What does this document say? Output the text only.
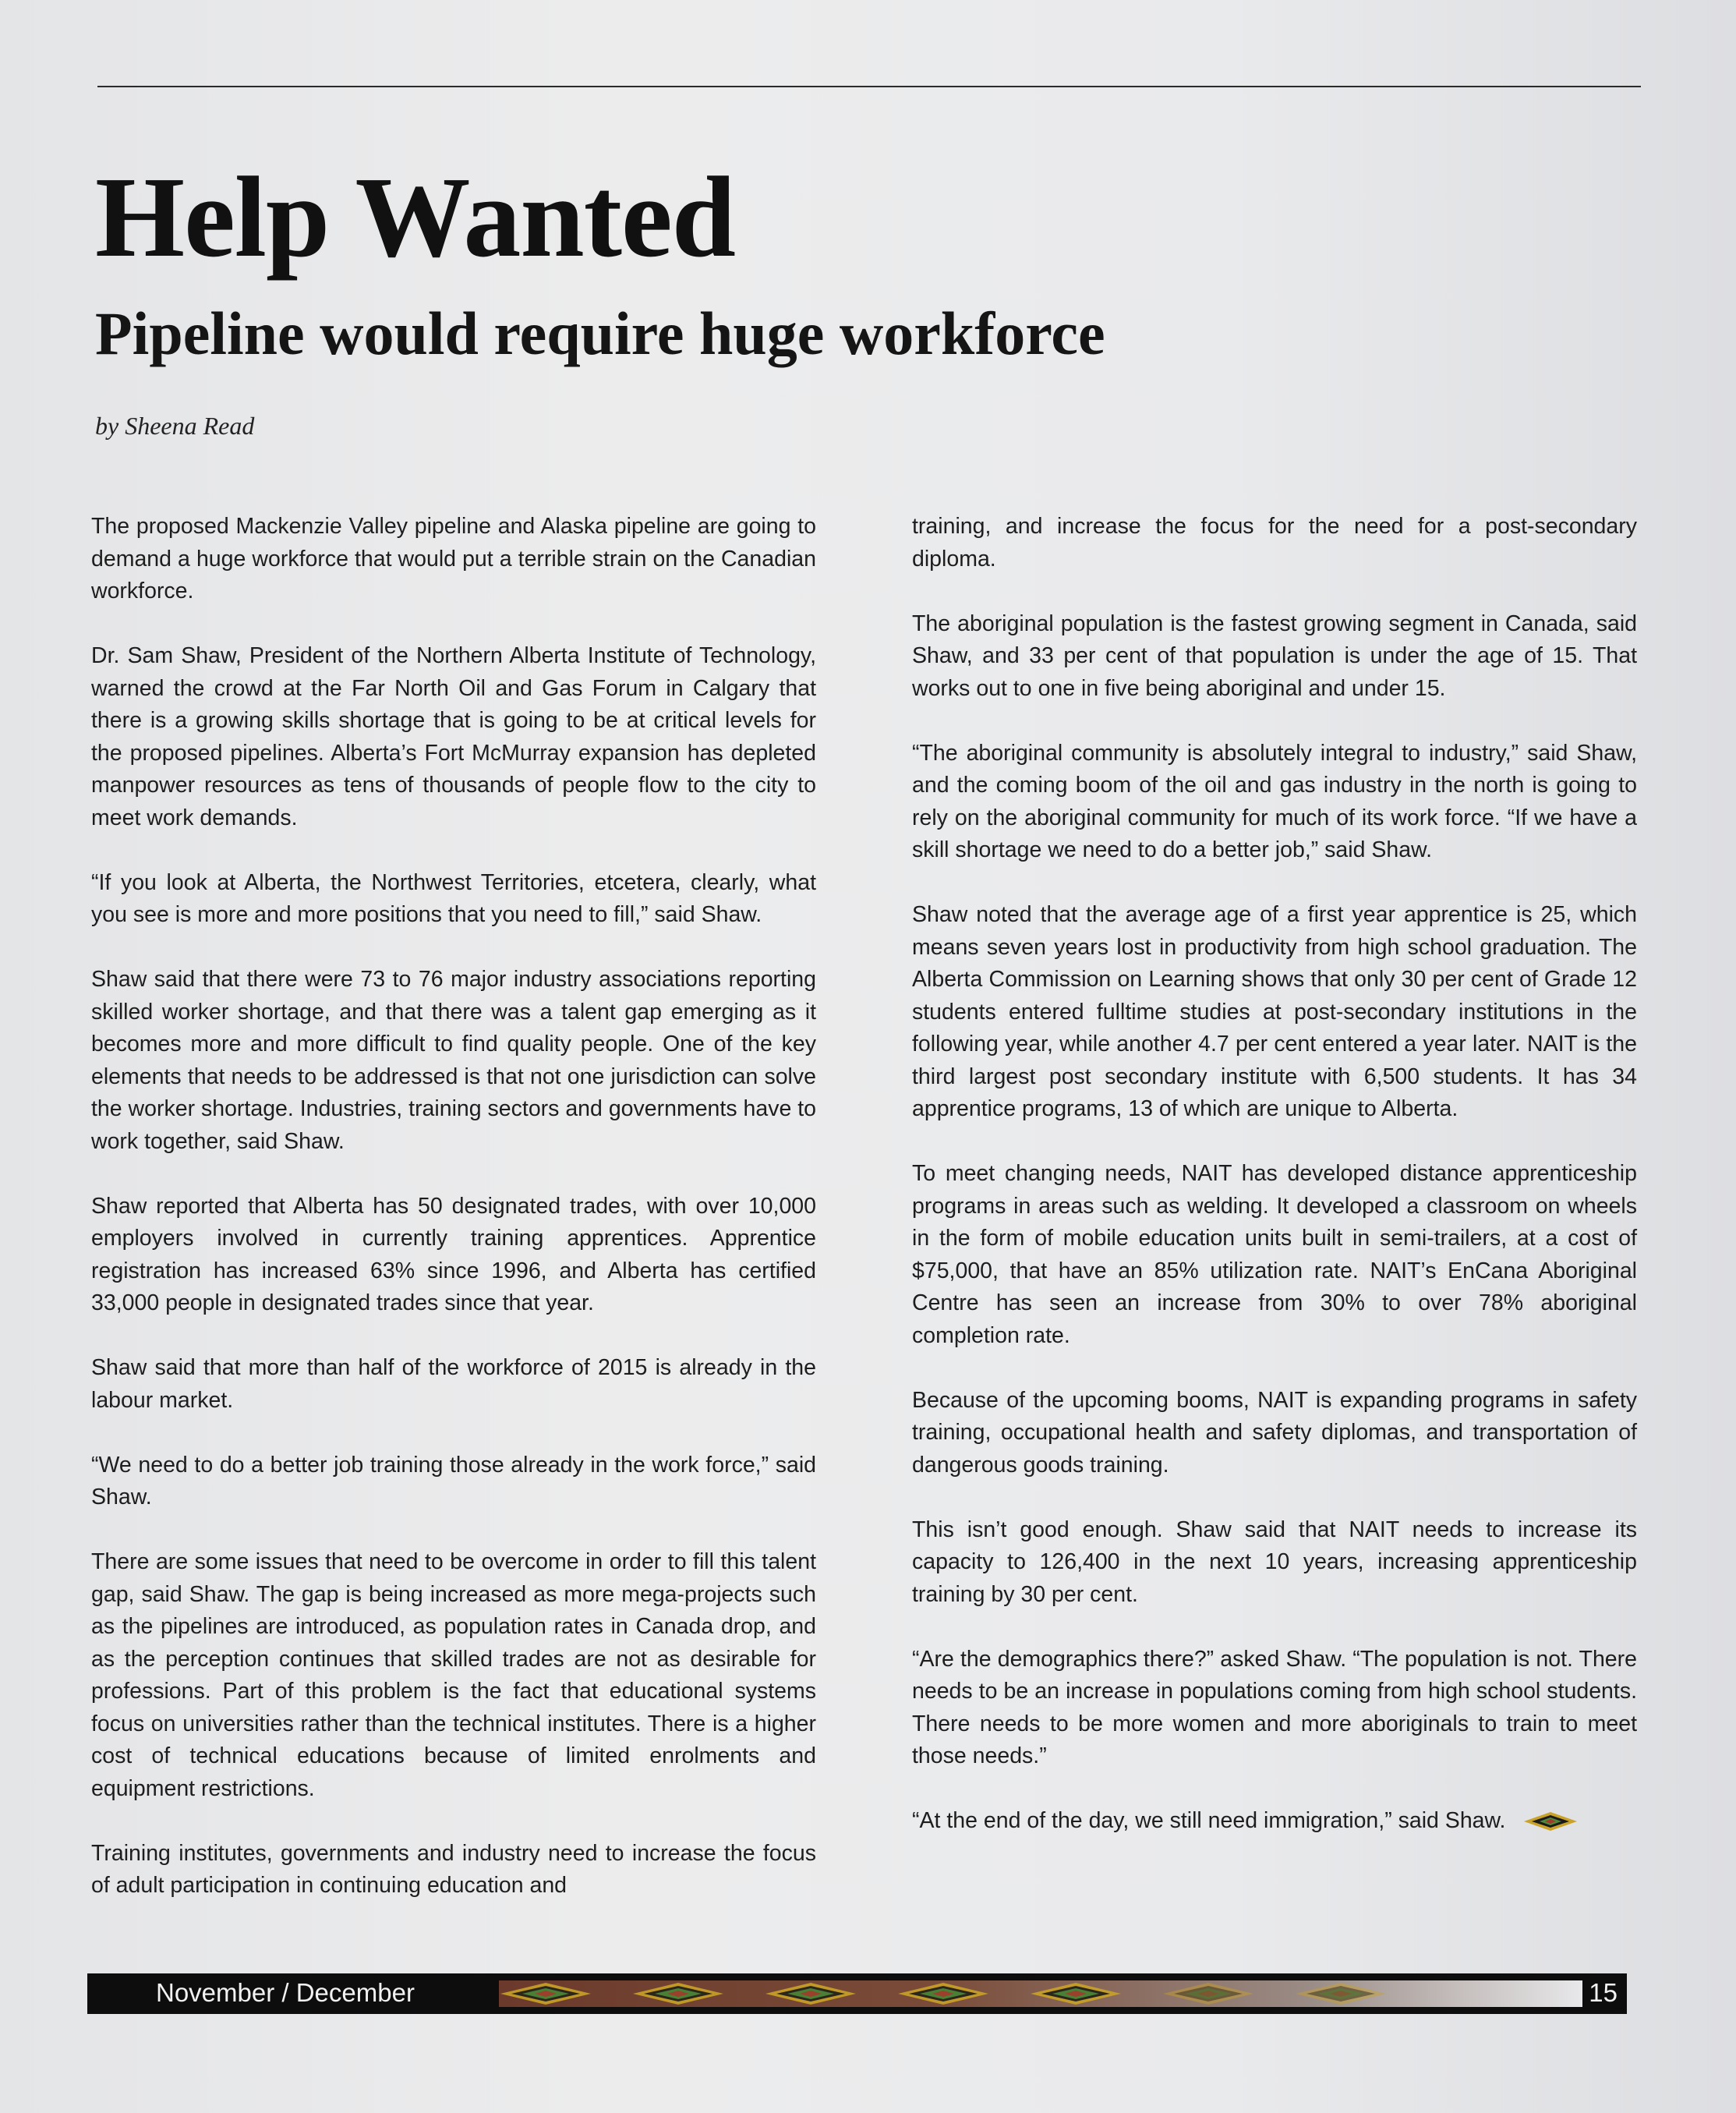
Help Wanted
Pipeline would require huge workforce

by Sheena Read

The proposed Mackenzie Valley pipeline and Alaska pipeline are going to demand a huge workforce that would put a terrible strain on the Canadian workforce.

Dr. Sam Shaw, President of the Northern Alberta Institute of Technology, warned the crowd at the Far North Oil and Gas Forum in Calgary that there is a growing skills shortage that is going to be at critical levels for the proposed pipelines. Alberta’s Fort McMurray expansion has depleted manpower resources as tens of thousands of people flow to the city to meet work demands.

“If you look at Alberta, the Northwest Territories, etcetera, clearly, what you see is more and more positions that you need to fill,” said Shaw.

Shaw said that there were 73 to 76 major industry associations reporting skilled worker shortage, and that there was a talent gap emerging as it becomes more and more difficult to find quality people. One of the key elements that needs to be addressed is that not one jurisdiction can solve the worker shortage. Industries, training sectors and governments have to work together, said Shaw.

Shaw reported that Alberta has 50 designated trades, with over 10,000 employers involved in currently training apprentices. Apprentice registration has increased 63% since 1996, and Alberta has certified 33,000 people in designated trades since that year.

Shaw said that more than half of the workforce of 2015 is already in the labour market.

“We need to do a better job training those already in the work force,” said Shaw.

There are some issues that need to be overcome in order to fill this talent gap, said Shaw. The gap is being increased as more mega-projects such as the pipelines are introduced, as population rates in Canada drop, and as the perception continues that skilled trades are not as desirable for professions. Part of this problem is the fact that educational systems focus on universities rather than the technical institutes. There is a higher cost of technical educations because of limited enrolments and equipment restrictions.

Training institutes, governments and industry need to increase the focus of adult participation in continuing education and

training, and increase the focus for the need for a post-secondary diploma.

The aboriginal population is the fastest growing segment in Canada, said Shaw, and 33 per cent of that population is under the age of 15. That works out to one in five being aboriginal and under 15.

“The aboriginal community is absolutely integral to industry,” said Shaw, and the coming boom of the oil and gas industry in the north is going to rely on the aboriginal community for much of its work force. “If we have a skill shortage we need to do a better job,” said Shaw.

Shaw noted that the average age of a first year apprentice is 25, which means seven years lost in productivity from high school graduation. The Alberta Commission on Learning shows that only 30 per cent of Grade 12 students entered fulltime studies at post-secondary institutions in the following year, while another 4.7 per cent entered a year later. NAIT is the third largest post secondary institute with 6,500 students. It has 34 apprentice programs, 13 of which are unique to Alberta.

To meet changing needs, NAIT has developed distance apprenticeship programs in areas such as welding. It developed a classroom on wheels in the form of mobile education units built in semi-trailers, at a cost of $75,000, that have an 85% utilization rate. NAIT’s EnCana Aboriginal Centre has seen an increase from 30% to over 78% aboriginal completion rate.

Because of the upcoming booms, NAIT is expanding programs in safety training, occupational health and safety diplomas, and transportation of dangerous goods training.

This isn’t good enough. Shaw said that NAIT needs to increase its capacity to 126,400 in the next 10 years, increasing apprenticeship training by 30 per cent.

“Are the demographics there?” asked Shaw. “The population is not. There needs to be an increase in populations coming from high school students. There needs to be more women and more aboriginals to train to meet those needs.”

“At the end of the day, we still need immigration,” said Shaw.

November / December	15
